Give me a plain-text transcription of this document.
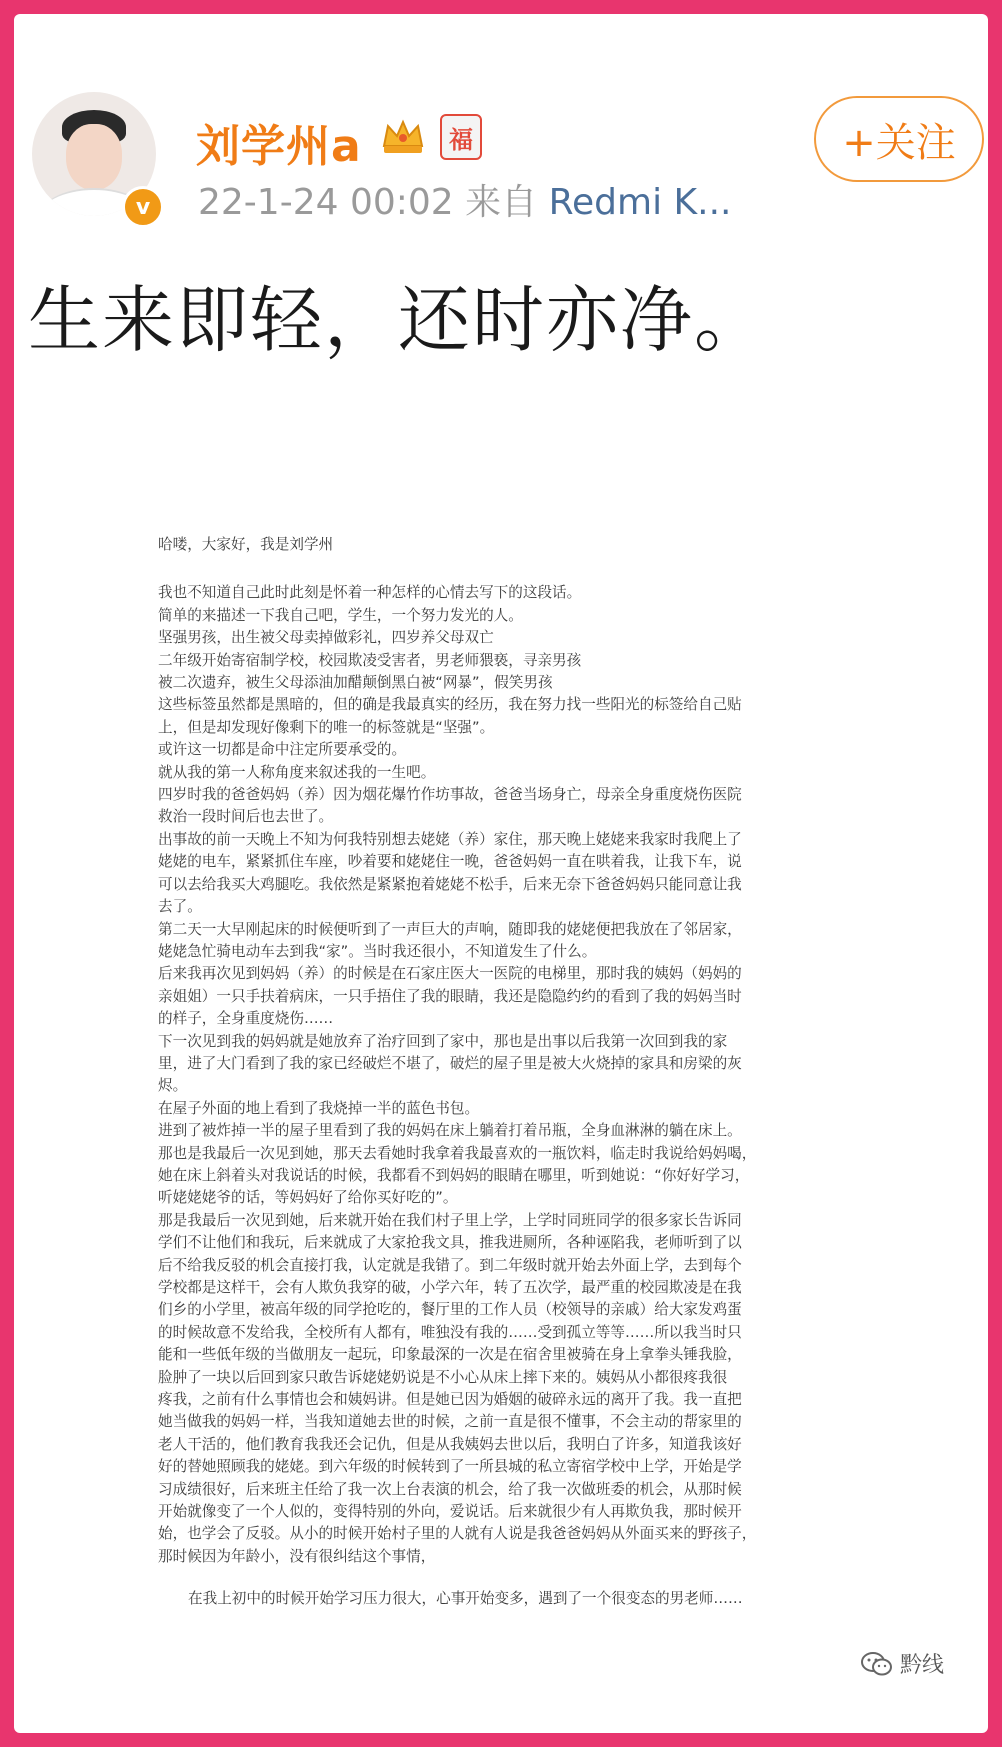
v
刘学州a	福
22-1-24 00:02 来自 Redmi K...
+关注
生来即轻，还时亦净。

哈喽，大家好，我是刘学州

我也不知道自己此时此刻是怀着一种怎样的心情去写下的这段话。

简单的来描述一下我自己吧，学生，一个努力发光的人。

坚强男孩，出生被父母卖掉做彩礼，四岁养父母双亡

二年级开始寄宿制学校，校园欺凌受害者，男老师猥亵，寻亲男孩

被二次遗弃，被生父母添油加醋颠倒黑白被“网暴”，假笑男孩

这些标签虽然都是黑暗的，但的确是我最真实的经历，我在努力找一些阳光的标签给自己贴

上，但是却发现好像剩下的唯一的标签就是“坚强”。

或许这一切都是命中注定所要承受的。

就从我的第一人称角度来叙述我的一生吧。

四岁时我的爸爸妈妈（养）因为烟花爆竹作坊事故，爸爸当场身亡，母亲全身重度烧伤医院

救治一段时间后也去世了。

出事故的前一天晚上不知为何我特别想去姥姥（养）家住，那天晚上姥姥来我家时我爬上了

姥姥的电车，紧紧抓住车座，吵着要和姥姥住一晚，爸爸妈妈一直在哄着我，让我下车，说

可以去给我买大鸡腿吃。我依然是紧紧抱着姥姥不松手，后来无奈下爸爸妈妈只能同意让我

去了。

第二天一大早刚起床的时候便听到了一声巨大的声响，随即我的姥姥便把我放在了邻居家，

姥姥急忙骑电动车去到我“家”。当时我还很小，不知道发生了什么。

后来我再次见到妈妈（养）的时候是在石家庄医大一医院的电梯里，那时我的姨妈（妈妈的

亲姐姐）一只手扶着病床，一只手捂住了我的眼睛，我还是隐隐约约的看到了我的妈妈当时

的样子，全身重度烧伤……

下一次见到我的妈妈就是她放弃了治疗回到了家中，那也是出事以后我第一次回到我的家

里，进了大门看到了我的家已经破烂不堪了，破烂的屋子里是被大火烧掉的家具和房梁的灰

烬。

在屋子外面的地上看到了我烧掉一半的蓝色书包。

进到了被炸掉一半的屋子里看到了我的妈妈在床上躺着打着吊瓶，全身血淋淋的躺在床上。

那也是我最后一次见到她，那天去看她时我拿着我最喜欢的一瓶饮料，临走时我说给妈妈喝，

她在床上斜着头对我说话的时候，我都看不到妈妈的眼睛在哪里，听到她说：“你好好学习，

听姥姥姥爷的话，等妈妈好了给你买好吃的”。

那是我最后一次见到她，后来就开始在我们村子里上学，上学时同班同学的很多家长告诉同

学们不让他们和我玩，后来就成了大家抢我文具，推我进厕所，各种诬陷我，老师听到了以

后不给我反驳的机会直接打我，认定就是我错了。到二年级时就开始去外面上学，去到每个

学校都是这样干，会有人欺负我穿的破，小学六年，转了五次学，最严重的校园欺凌是在我

们乡的小学里，被高年级的同学抢吃的，餐厅里的工作人员（校领导的亲戚）给大家发鸡蛋

的时候故意不发给我，全校所有人都有，唯独没有我的……受到孤立等等……所以我当时只

能和一些低年级的当做朋友一起玩，印象最深的一次是在宿舍里被骑在身上拿拳头锤我脸，

脸肿了一块以后回到家只敢告诉姥姥奶说是不小心从床上摔下来的。姨妈从小都很疼我很

疼我，之前有什么事情也会和姨妈讲。但是她已因为婚姻的破碎永远的离开了我。我一直把

她当做我的妈妈一样，当我知道她去世的时候，之前一直是很不懂事，不会主动的帮家里的

老人干活的，他们教育我我还会记仇，但是从我姨妈去世以后，我明白了许多，知道我该好

好的替她照顾我的姥姥。到六年级的时候转到了一所县城的私立寄宿学校中上学，开始是学

习成绩很好，后来班主任给了我一次上台表演的机会，给了我一次做班委的机会，从那时候

开始就像变了一个人似的，变得特别的外向，爱说话。后来就很少有人再欺负我，那时候开

始，也学会了反驳。从小的时候开始村子里的人就有人说是我爸爸妈妈从外面买来的野孩子，

那时候因为年龄小，没有很纠结这个事情，

在我上初中的时候开始学习压力很大，心事开始变多，遇到了一个很变态的男老师……

黔线
